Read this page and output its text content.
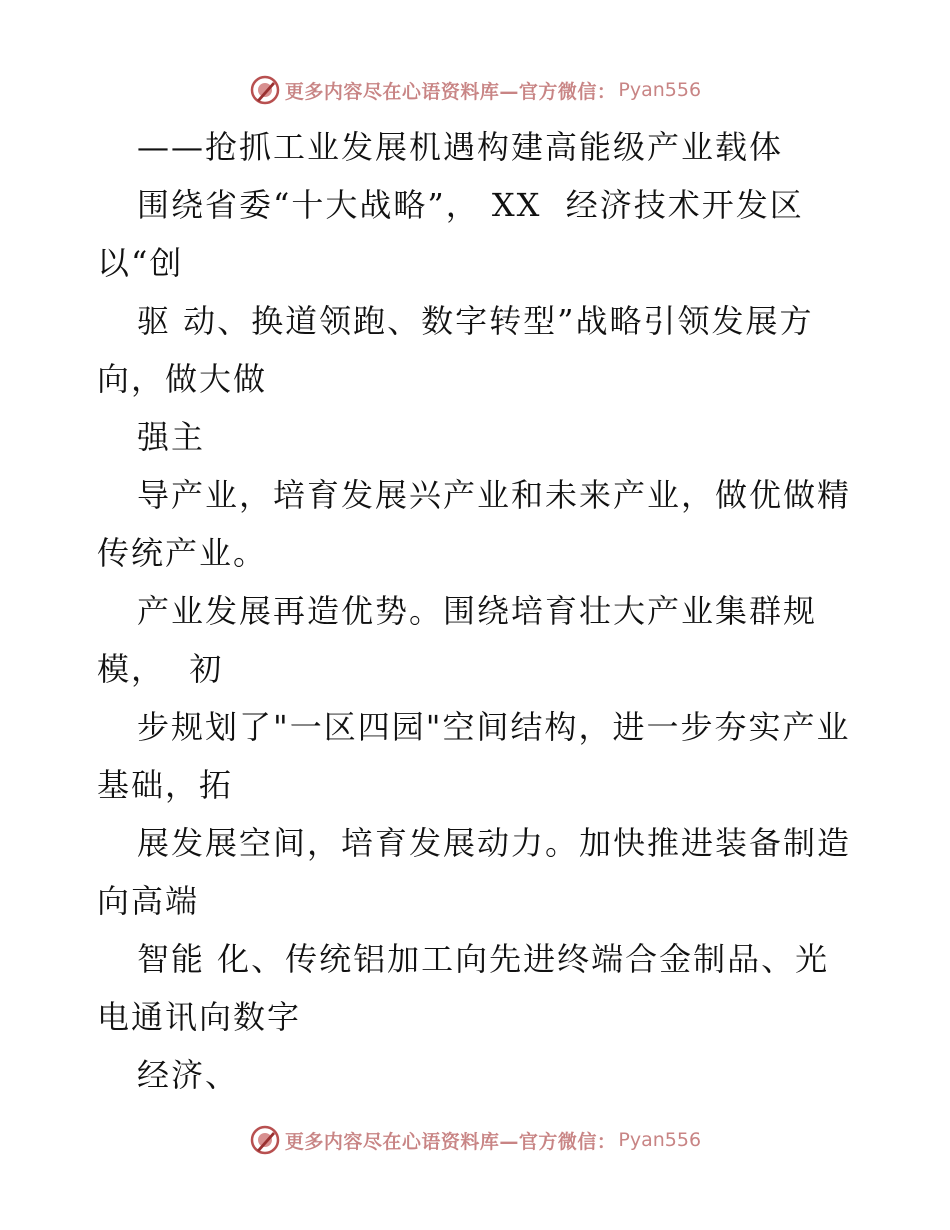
更多内容尽在心语资料库—官方微信： Pyan556
——抢抓工业发展机遇构建高能级产业载体
围绕省委“十大战略”， XX  经济技术开发区
以“创
驱 动、换道领跑、数字转型”战略引领发展方
向，做大做
强主
导产业，培育发展兴产业和未来产业，做优做精
传统产业。
产业发展再造优势。围绕培育壮大产业集群规
模，  初
步规划了"一区四园"空间结构，进一步夯实产业
基础，拓
展发展空间，培育发展动力。加快推进装备制造
向高端
智能 化、传统铝加工向先进终端合金制品、光
电通讯向数字
经济、
更多内容尽在心语资料库—官方微信： Pyan556
